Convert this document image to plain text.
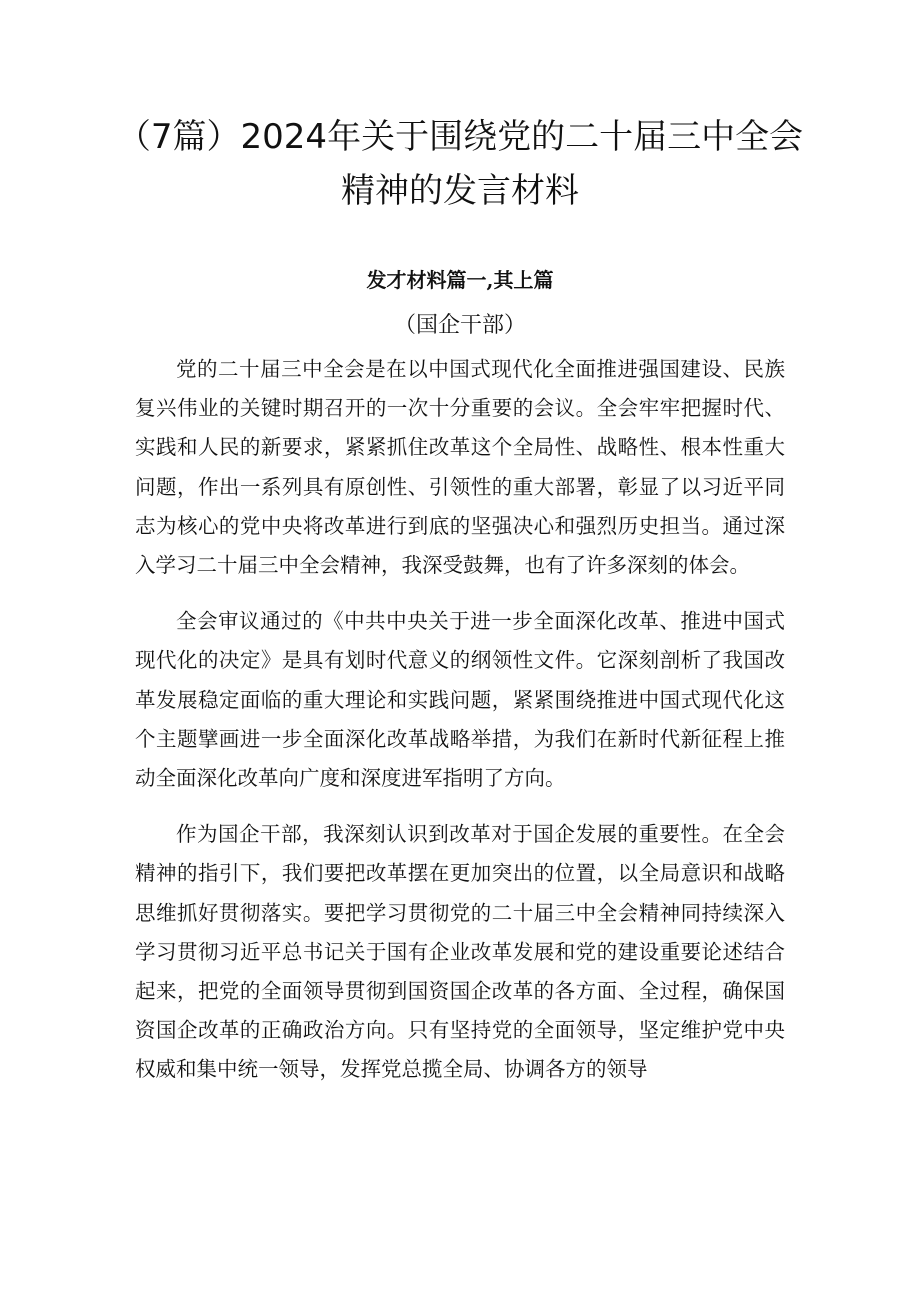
（7篇）2024年关于围绕党的二十届三中全会精神的发言材料
发才材料篇一,其上篇
（国企干部）

党的二十届三中全会是在以中国式现代化全面推进强国建设、民族复兴伟业的关键时期召开的一次十分重要的会议。全会牢牢把握时代、实践和人民的新要求，紧紧抓住改革这个全局性、战略性、根本性重大问题，作出一系列具有原创性、引领性的重大部署，彰显了以习近平同志为核心的党中央将改革进行到底的坚强决心和强烈历史担当。通过深入学习二十届三中全会精神，我深受鼓舞，也有了许多深刻的体会。

全会审议通过的《中共中央关于进一步全面深化改革、推进中国式现代化的决定》是具有划时代意义的纲领性文件。它深刻剖析了我国改革发展稳定面临的重大理论和实践问题，紧紧围绕推进中国式现代化这个主题擘画进一步全面深化改革战略举措，为我们在新时代新征程上推动全面深化改革向广度和深度进军指明了方向。

作为国企干部，我深刻认识到改革对于国企发展的重要性。在全会精神的指引下，我们要把改革摆在更加突出的位置，以全局意识和战略思维抓好贯彻落实。要把学习贯彻党的二十届三中全会精神同持续深入学习贯彻习近平总书记关于国有企业改革发展和党的建设重要论述结合起来，把党的全面领导贯彻到国资国企改革的各方面、全过程，确保国资国企改革的正确政治方向。只有坚持党的全面领导，坚定维护党中央权威和集中统一领导，发挥党总揽全局、协调各方的领导
